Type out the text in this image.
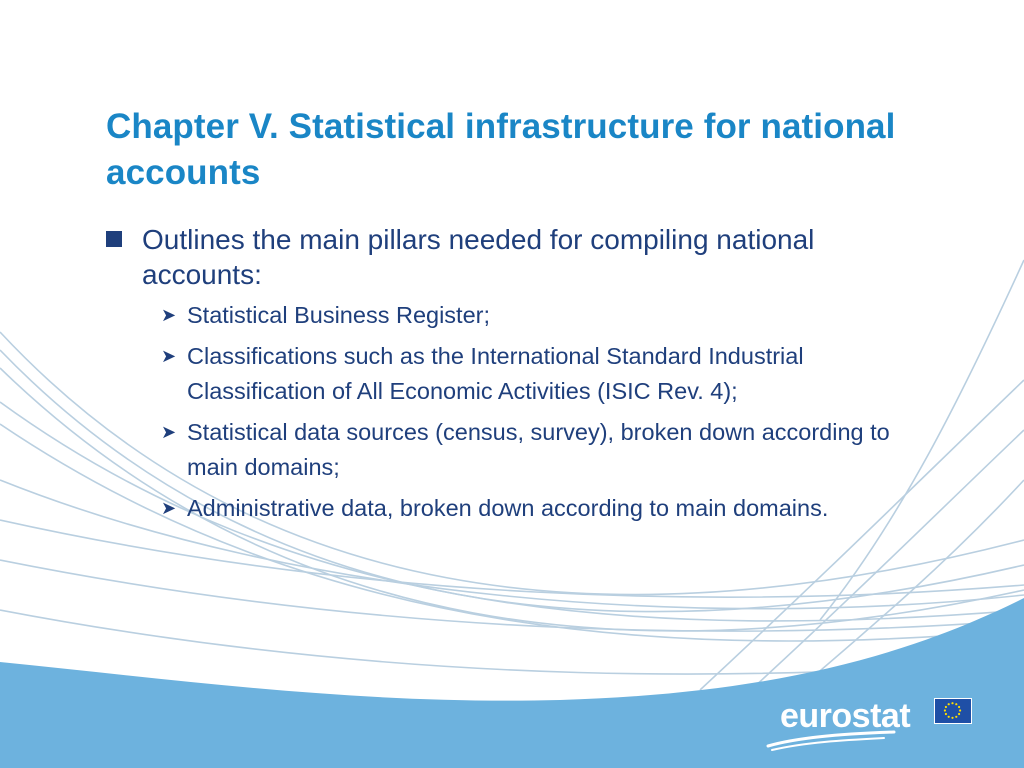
Chapter V. Statistical infrastructure for national accounts
Outlines the main pillars needed for compiling national accounts:
➤ Statistical Business Register;
➤ Classifications such as the International Standard Industrial Classification of All Economic Activities (ISIC Rev. 4);
➤ Statistical data sources (census, survey), broken down according to main domains;
➤ Administrative data, broken down according to main domains.
eurostat
